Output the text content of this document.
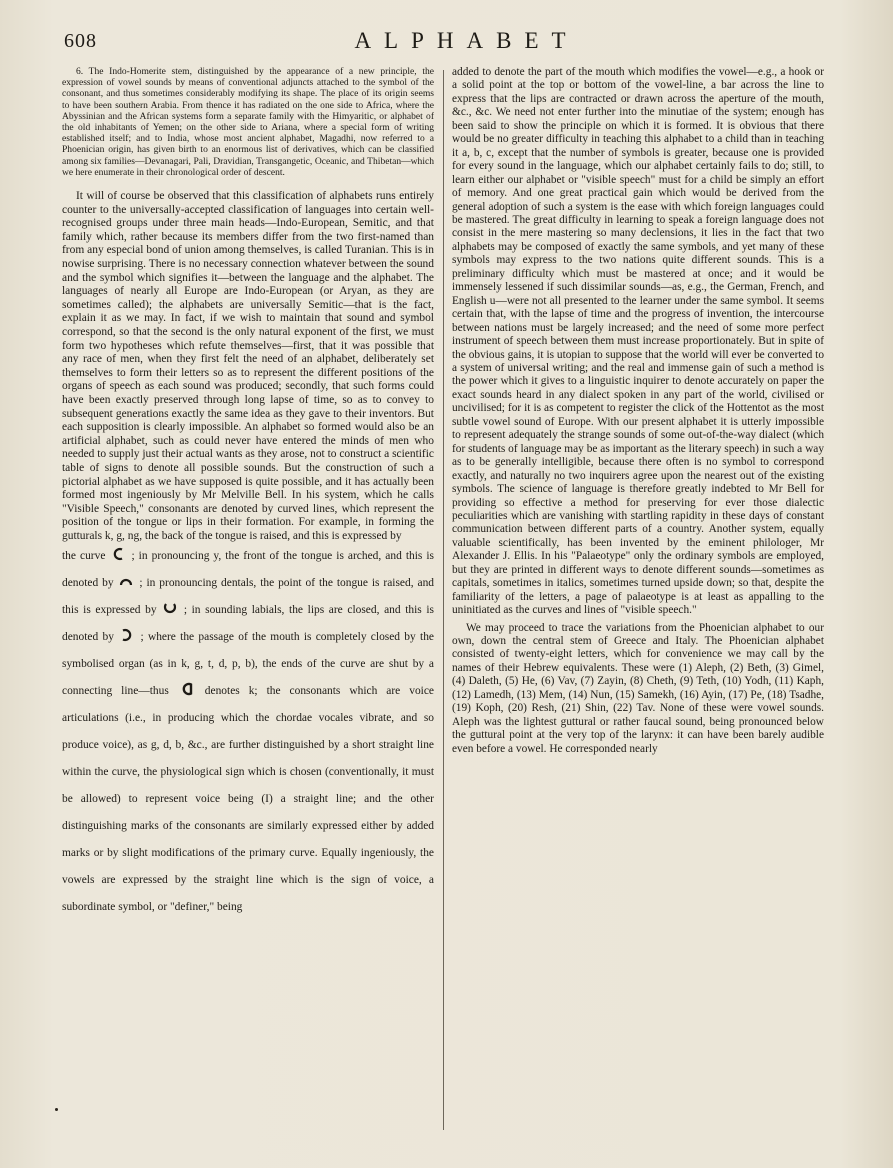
608	ALPHABET

6. The Indo-Homerite stem, distinguished by the appearance of a new principle, the expression of vowel sounds by means of conventional adjuncts attached to the symbol of the consonant, and thus sometimes considerably modifying its shape. The place of its origin seems to have been southern Arabia. From thence it has radiated on the one side to Africa, where the Abyssinian and the African systems form a separate family with the Himyaritic, or alphabet of the old inhabitants of Yemen; on the other side to Ariana, where a special form of writing established itself; and to India, whose most ancient alphabet, Magadhi, now referred to a Phoenician origin, has given birth to an enormous list of derivatives, which can be classified among six families—Devanagari, Pali, Dravidian, Transgangetic, Oceanic, and Thibetan—which we here enumerate in their chronological order of descent.

It will of course be observed that this classification of alphabets runs entirely counter to the universally-accepted classification of languages into certain well-recognised groups under three main heads—Indo-European, Semitic, and that family which, rather because its members differ from the two first-named than from any especial bond of union among themselves, is called Turanian. This is in nowise surprising. There is no necessary connection whatever between the sound and the symbol which signifies it—between the language and the alphabet. The languages of nearly all Europe are Indo-European (or Aryan, as they are sometimes called); the alphabets are universally Semitic—that is the fact, explain it as we may. In fact, if we wish to maintain that sound and symbol correspond, so that the second is the only natural exponent of the first, we must form two hypotheses which refute themselves—first, that it was possible that any race of men, when they first felt the need of an alphabet, deliberately set themselves to form their letters so as to represent the different positions of the organs of speech as each sound was produced; secondly, that such forms could have been exactly preserved through long lapse of time, so as to convey to subsequent generations exactly the same idea as they gave to their inventors. But each supposition is clearly impossible. An alphabet so formed would also be an artificial alphabet, such as could never have entered the minds of men who needed to supply just their actual wants as they arose, not to construct a scientific table of signs to denote all possible sounds. But the construction of such a pictorial alphabet as we have supposed is quite possible, and it has actually been formed most ingeniously by Mr Melville Bell. In his system, which he calls "Visible Speech," consonants are denoted by curved lines, which represent the position of the tongue or lips in their formation. For example, in forming the gutturals k, g, ng, the back of the tongue is raised, and this is expressed by

the curve ; in pronouncing y, the front of the tongue is arched, and this is denoted by ; in pronouncing dentals, the point of the tongue is raised, and this is expressed by ; in sounding labials, the lips are closed, and this is denoted by ; where the passage of the mouth is completely closed by the symbolised organ (as in k, g, t, d, p, b), the ends of the curve are shut by a connecting line—thus	denotes k; the consonants which are voice articulations (i.e., in producing which the chordae vocales vibrate, and so produce voice), as g, d, b, &c., are further distinguished by a short straight line within the curve, the physiological sign which is chosen (conventionally, it must be allowed) to represent voice being (I) a straight line; and the other distinguishing marks of the consonants are similarly expressed either by added marks or by slight modifications of the primary curve. Equally ingeniously, the vowels are expressed by the straight line which is the sign of voice, a subordinate symbol, or "definer," being

added to denote the part of the mouth which modifies the vowel—e.g., a hook or a solid point at the top or bottom of the vowel-line, a bar across the line to express that the lips are contracted or drawn across the aperture of the mouth, &c., &c. We need not enter further into the minutiae of the system; enough has been said to show the principle on which it is formed. It is obvious that there would be no greater difficulty in teaching this alphabet to a child than in teaching it a, b, c, except that the number of symbols is greater, because one is provided for every sound in the language, which our alphabet certainly fails to do; still, to learn either our alphabet or "visible speech" must for a child be simply an effort of memory. And one great practical gain which would be derived from the general adoption of such a system is the ease with which foreign languages could be mastered. The great difficulty in learning to speak a foreign language does not consist in the mere mastering so many declensions, it lies in the fact that two alphabets may be composed of exactly the same symbols, and yet many of these symbols may express to the two nations quite different sounds. This is a preliminary difficulty which must be mastered at once; and it would be immensely lessened if such dissimilar sounds—as, e.g., the German, French, and English u—were not all presented to the learner under the same symbol. It seems certain that, with the lapse of time and the progress of invention, the intercourse between nations must be largely increased; and the need of some more perfect instrument of speech between them must increase proportionately. But in spite of the obvious gains, it is utopian to suppose that the world will ever be converted to a system of universal writing; and the real and immense gain of such a method is the power which it gives to a linguistic inquirer to denote accurately on paper the exact sounds heard in any dialect spoken in any part of the world, civilised or uncivilised; for it is as competent to register the click of the Hottentot as the most subtle vowel sound of Europe. With our present alphabet it is utterly impossible to represent adequately the strange sounds of some out-of-the-way dialect (which for students of language may be as important as the literary speech) in such a way as to be generally intelligible, because there often is no symbol to correspond exactly, and naturally no two inquirers agree upon the nearest out of the existing symbols. The science of language is therefore greatly indebted to Mr Bell for providing so effective a method for preserving for ever those dialectic peculiarities which are vanishing with startling rapidity in these days of constant communication between different parts of a country. Another system, equally valuable scientifically, has been invented by the eminent philologer, Mr Alexander J. Ellis. In his "Palaeotype" only the ordinary symbols are employed, but they are printed in different ways to denote different sounds—sometimes as capitals, sometimes in italics, sometimes turned upside down; so that, despite the familiarity of the letters, a page of palaeotype is at least as appalling to the uninitiated as the curves and lines of "visible speech."

We may proceed to trace the variations from the Phoenician alphabet to our own, down the central stem of Greece and Italy. The Phoenician alphabet consisted of twenty-eight letters, which for convenience we may call by the names of their Hebrew equivalents. These were (1) Aleph, (2) Beth, (3) Gimel, (4) Daleth, (5) He, (6) Vav, (7) Zayin, (8) Cheth, (9) Teth, (10) Yodh, (11) Kaph, (12) Lamedh, (13) Mem, (14) Nun, (15) Samekh, (16) Ayin, (17) Pe, (18) Tsadhe, (19) Koph, (20) Resh, (21) Shin, (22) Tav. None of these were vowel sounds. Aleph was the lightest guttural or rather faucal sound, being pronounced below the guttural point at the very top of the larynx: it can have been barely audible even before a vowel. He corresponded nearly
